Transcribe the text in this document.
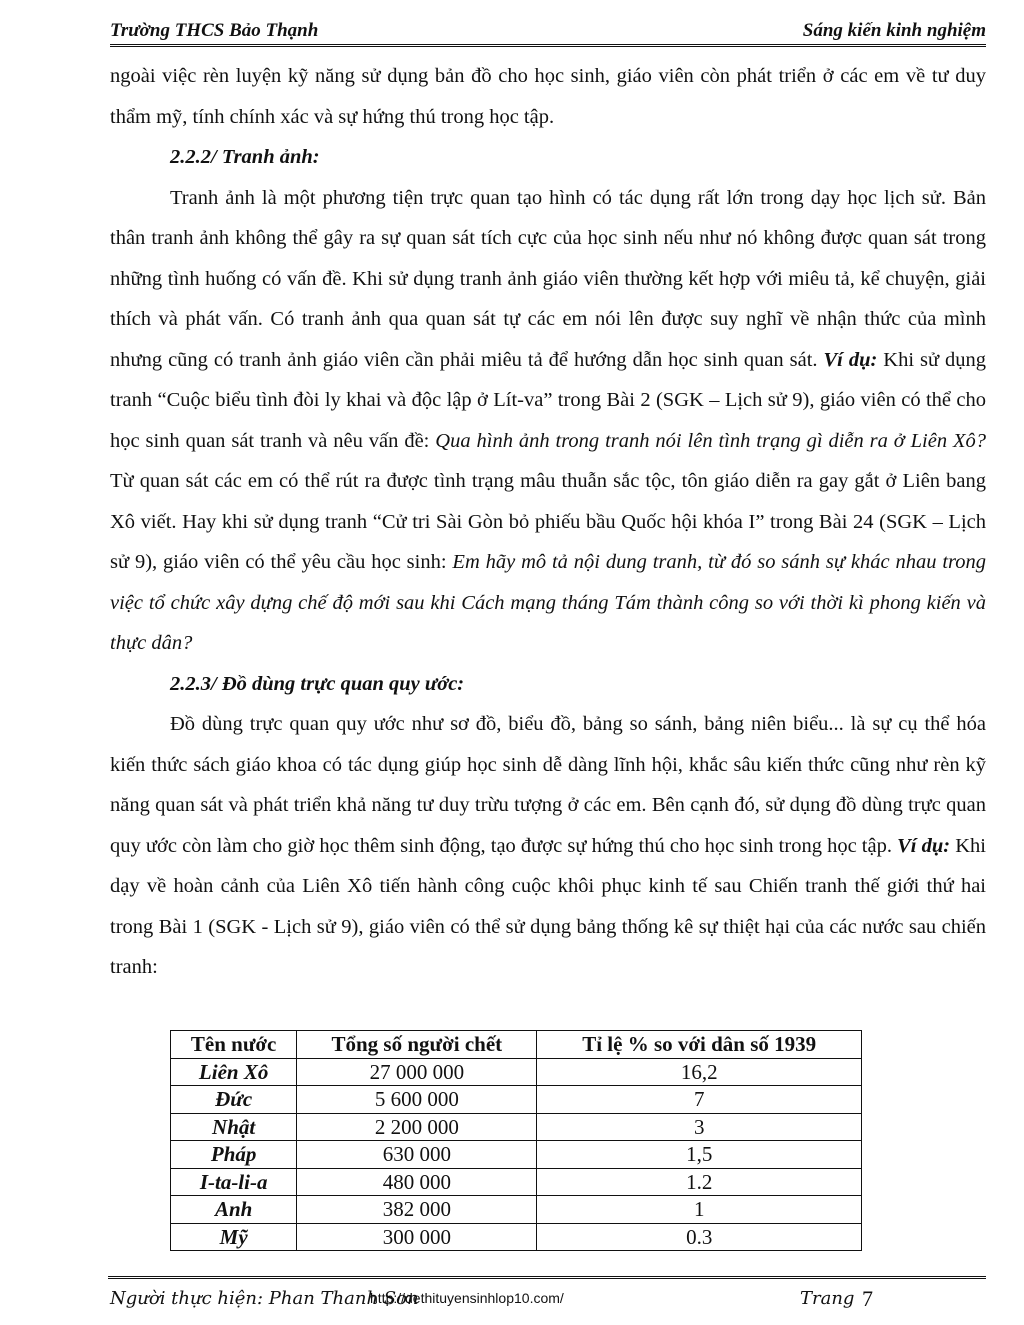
Trường THCS Bảo Thạnh	Sáng kiến kinh nghiệm

ngoài việc rèn luyện kỹ năng sử dụng bản đồ cho học sinh, giáo viên còn phát triển ở các em về tư duy thẩm mỹ, tính chính xác và sự hứng thú trong học tập.

2.2.2/ Tranh ảnh:

Tranh ảnh là một phương tiện trực quan tạo hình có tác dụng rất lớn trong dạy học lịch sử. Bản thân tranh ảnh không thể gây ra sự quan sát tích cực của học sinh nếu như nó không được quan sát trong những tình huống có vấn đề. Khi sử dụng tranh ảnh giáo viên thường kết hợp với miêu tả, kể chuyện, giải thích và phát vấn. Có tranh ảnh qua quan sát tự các em nói lên được suy nghĩ về nhận thức của mình nhưng cũng có tranh ảnh giáo viên cần phải miêu tả để hướng dẫn học sinh quan sát. Ví dụ: Khi sử dụng tranh “Cuộc biểu tình đòi ly khai và độc lập ở Lít-va” trong Bài 2 (SGK – Lịch sử 9), giáo viên có thể cho học sinh quan sát tranh và nêu vấn đề: Qua hình ảnh trong tranh nói lên tình trạng gì diễn ra ở Liên Xô? Từ quan sát các em có thể rút ra được tình trạng mâu thuẫn sắc tộc, tôn giáo diễn ra gay gắt ở Liên bang Xô viết. Hay khi sử dụng tranh “Cử tri Sài Gòn bỏ phiếu bầu Quốc hội khóa I” trong Bài 24 (SGK – Lịch sử 9), giáo viên có thể yêu cầu học sinh: Em hãy mô tả nội dung tranh, từ đó so sánh sự khác nhau trong việc tổ chức xây dựng chế độ mới sau khi Cách mạng tháng Tám thành công so với thời kì phong kiến và thực dân?

2.2.3/ Đồ dùng trực quan quy ước:

Đồ dùng trực quan quy ước như sơ đồ, biểu đồ, bảng so sánh, bảng niên biểu... là sự cụ thể hóa kiến thức sách giáo khoa có tác dụng giúp học sinh dễ dàng lĩnh hội, khắc sâu kiến thức cũng như rèn kỹ năng quan sát và phát triển khả năng tư duy trừu tượng ở các em. Bên cạnh đó, sử dụng đồ dùng trực quan quy ước còn làm cho giờ học thêm sinh động, tạo được sự hứng thú cho học sinh trong học tập. Ví dụ: Khi dạy về hoàn cảnh của Liên Xô tiến hành công cuộc khôi phục kinh tế sau Chiến tranh thế giới thứ hai trong Bài 1 (SGK - Lịch sử 9), giáo viên có thể sử dụng bảng thống kê sự thiệt hại của các nước sau chiến tranh:

Tên nước	Tổng số người chết	Tỉ lệ % so với dân số 1939
Liên Xô	27 000 000	16,2
Đức	5 600 000	7
Nhật	2 200 000	3
Pháp	630 000	1,5
I-ta-li-a	480 000	1.2
Anh	382 000	1
Mỹ	300 000	0.3
Người thực hiện: Phan Thanh Sơn
http://dethituyensinhlop10.com/	Trang 7
